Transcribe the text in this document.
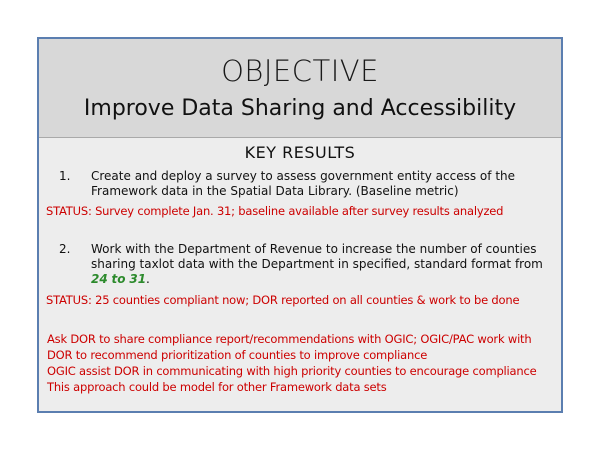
OBJECTIVE
Improve Data Sharing and Accessibility
KEY RESULTS
1. Create and deploy a survey to assess government entity access of the
Framework data in the Spatial Data Library. (Baseline metric)
STATUS: Survey complete Jan. 31; baseline available after survey results analyzed
2. Work with the Department of Revenue to increase the number of counties
sharing taxlot data with the Department in specified, standard format from
24 to 31.
STATUS: 25 counties compliant now; DOR reported on all counties & work to be done
Ask DOR to share compliance report/recommendations with OGIC; OGIC/PAC work with
DOR to recommend prioritization of counties to improve compliance
OGIC assist DOR in communicating with high priority counties to encourage compliance
This approach could be model for other Framework data sets
